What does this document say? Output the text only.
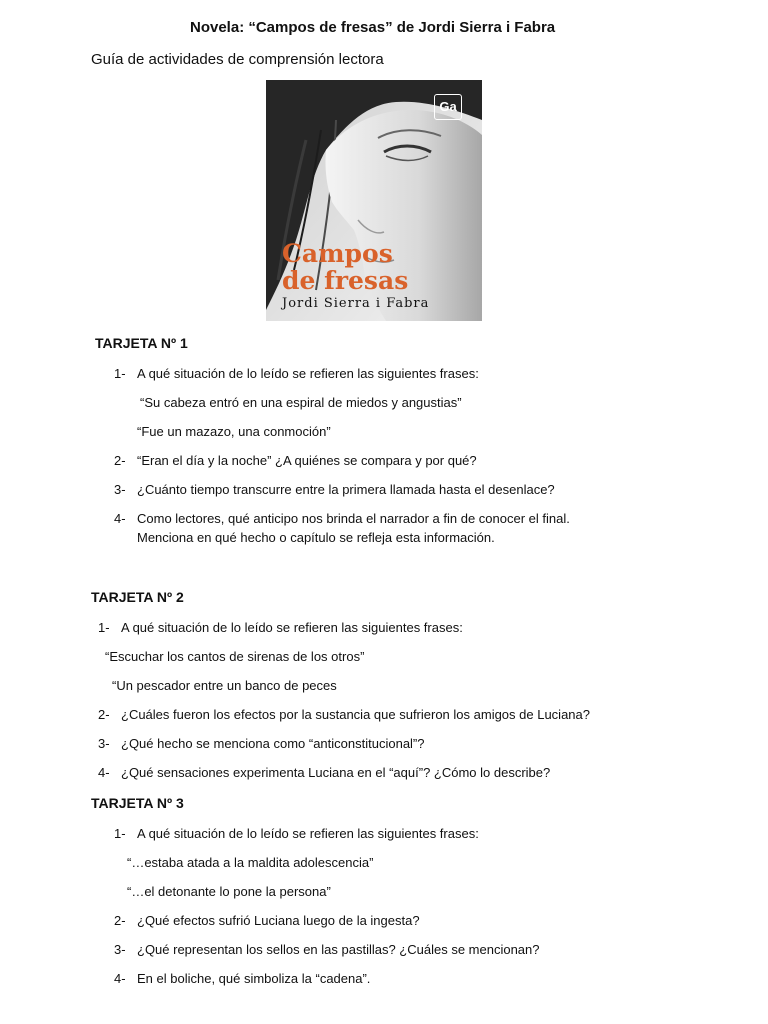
Novela: “Campos de fresas” de Jordi Sierra i Fabra
Guía de actividades de comprensión lectora
Ga
Campos
de fresas
Jordi Sierra i Fabra
TARJETA Nº 1
1- A qué situación de lo leído se refieren las siguientes frases:
“Su cabeza entró en una espiral de miedos y angustias”
“Fue un mazazo, una conmoción”
2- “Eran el día y la noche” ¿A quiénes se compara y por qué?
3- ¿Cuánto tiempo transcurre entre la primera llamada hasta el desenlace?
4- Como lectores, qué anticipo nos brinda el narrador a fin de conocer el final.
Menciona en qué hecho o capítulo se refleja esta información.
TARJETA Nº 2
1- A qué situación de lo leído se refieren las siguientes frases:
“Escuchar los cantos de sirenas de los otros”
“Un pescador entre un banco de peces
2- ¿Cuáles fueron los efectos por la sustancia que sufrieron los amigos de Luciana?
3- ¿Qué hecho se menciona como “anticonstitucional”?
4- ¿Qué sensaciones experimenta Luciana en el “aquí”? ¿Cómo lo describe?
TARJETA Nº 3
1- A qué situación de lo leído se refieren las siguientes frases:
“…estaba atada a la maldita adolescencia”
“…el detonante lo pone la persona”
2- ¿Qué efectos sufrió Luciana luego de la ingesta?
3- ¿Qué representan los sellos en las pastillas? ¿Cuáles se mencionan?
4- En el boliche, qué simboliza la “cadena”.
